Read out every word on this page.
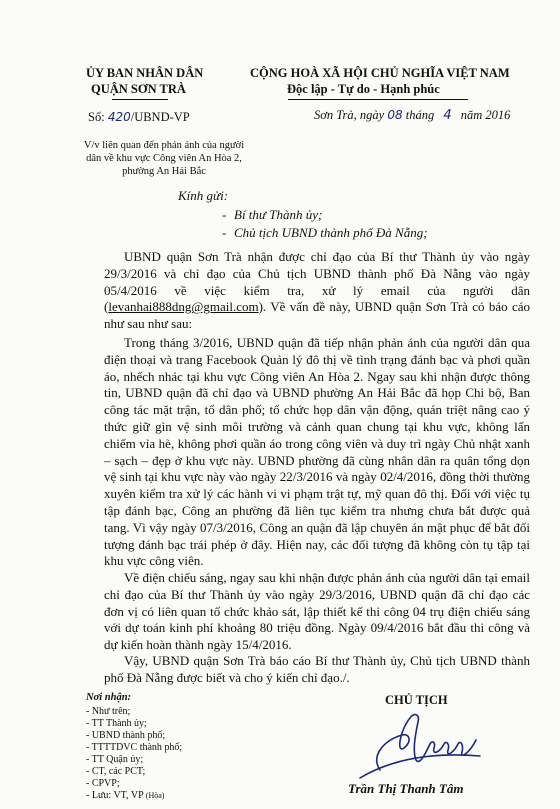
ỦY BAN NHÂN DÂN
QUẬN SƠN TRÀ
CỘNG HOÀ XÃ HỘI CHỦ NGHĨA VIỆT NAM
Độc lập - Tự do - Hạnh phúc
Số: 420/UBND-VP	Sơn Trà, ngày 08 tháng 4 năm 2016
V/v liên quan đến phản ánh của người
dân về khu vực Công viên An Hòa 2,
phường An Hải Bắc
Kính gửi:
- Bí thư Thành ủy;
- Chủ tịch UBND thành phố Đà Nẵng;
UBND quận Sơn Trà nhận được chỉ đạo của Bí thư Thành ủy vào ngày 29/3/2016 và chỉ đạo của Chủ tịch UBND thành phố Đà Nẵng vào ngày 05/4/2016 về việc kiểm tra, xử lý email của người dân (levanhai888dng@gmail.com). Về vấn đề này, UBND quận Sơn Trà có báo cáo như sau như sau:
Trong tháng 3/2016, UBND quận đã tiếp nhận phản ánh của người dân qua điện thoại và trang Facebook Quản lý đô thị về tình trạng đánh bạc và phơi quần áo, nhếch nhác tại khu vực Công viên An Hòa 2. Ngay sau khi nhận được thông tin, UBND quận đã chỉ đạo và UBND phường An Hải Bắc đã họp Chi bộ, Ban công tác mặt trận, tổ dân phố; tổ chức họp dân vận động, quán triệt nâng cao ý thức giữ gìn vệ sinh môi trường và cảnh quan chung tại khu vực, không lấn chiếm vỉa hè, không phơi quần áo trong công viên và duy trì ngày Chủ nhật xanh – sạch – đẹp ở khu vực này. UBND phường đã cùng nhân dân ra quân tổng dọn vệ sinh tại khu vực này vào ngày 22/3/2016 và ngày 02/4/2016, đồng thời thường xuyên kiểm tra xử lý các hành vi vi phạm trật tự, mỹ quan đô thị. Đối với việc tụ tập đánh bạc, Công an phường đã liên tục kiểm tra nhưng chưa bắt được quả tang. Vì vậy ngày 07/3/2016, Công an quận đã lập chuyên án mật phục để bắt đối tượng đánh bạc trái phép ở đây. Hiện nay, các đối tượng đã không còn tụ tập tại khu vực công viên.
Về điện chiếu sáng, ngay sau khi nhận được phản ánh của người dân tại email chỉ đạo của Bí thư Thành ủy vào ngày 29/3/2016, UBND quận đã chỉ đạo các đơn vị có liên quan tổ chức khảo sát, lập thiết kế thi công 04 trụ điện chiếu sáng với dự toán kinh phí khoảng 80 triệu đồng. Ngày 09/4/2016 bắt đầu thi công và dự kiến hoàn thành ngày 15/4/2016.
Vậy, UBND quận Sơn Trà báo cáo Bí thư Thành ủy, Chủ tịch UBND thành phố Đà Nẵng được biết và cho ý kiến chỉ đạo./.
Nơi nhận:
- Như trên;
- TT Thành ủy;
- UBND thành phố;
- TTTTDVC thành phố;
- TT Quận ủy;
- CT, các PCT;
- CPVP;
- Lưu: VT, VP (Hòa)
CHỦ TỊCH
Trần Thị Thanh Tâm
